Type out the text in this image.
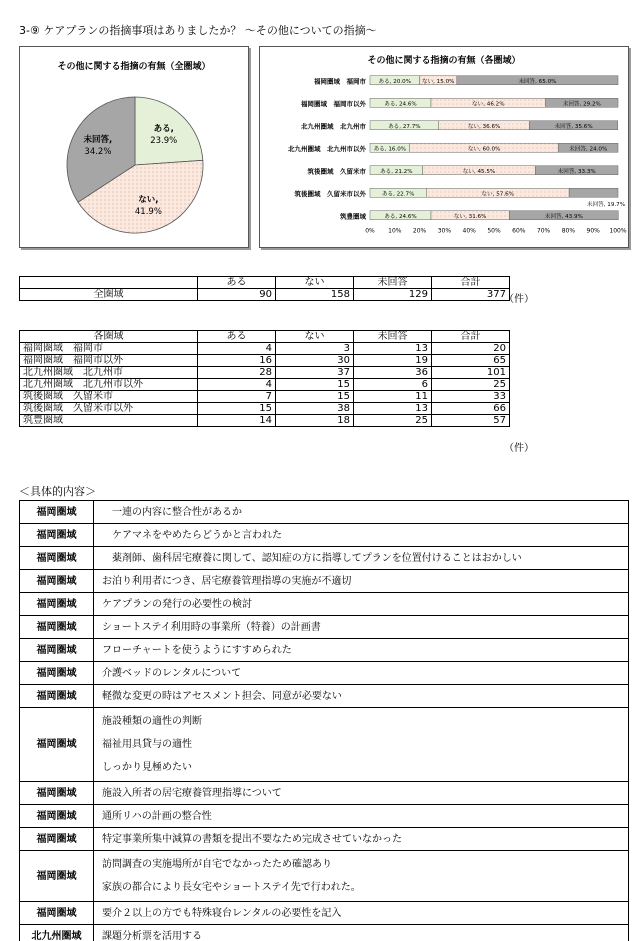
3-⑨ ケアプランの指摘事項はありましたか？ ～その他についての指摘～
その他に関する指摘の有無（全圏域）
ある,
23.9%
ない,
41.9%
未回答,
34.2%
その他に関する指摘の有無（各圏域）
福岡圏域　福岡市 ある, 20.0% ない, 15.0%	未回答, 65.0%
福岡圏域　福岡市以外	ある, 24.6%	ない, 46.2%	未回答, 29.2%
北九州圏域　北九州市	ある, 27.7%	ない, 36.6%	未回答, 35.6%
北九州圏域　北九州市以外 ある, 16.0%	ない, 60.0%	未回答, 24.0%
筑後圏域　久留米市	ある, 21.2%	ない, 45.5%	未回答, 33.3%
筑後圏域　久留米市以外	ある, 22.7%	ない, 57.6%
未回答, 19.7%
筑豊圏域	ある, 24.6%	ない, 31.6%	未回答, 43.9%
0% 10% 20% 30% 40% 50% 60% 70% 80% 90% 100%
	ある	ない	未回答	合計
全圏域	90	158	129	377
（件）
各圏域	ある	ない	未回答	合計
福岡圏域　福岡市	4	3	13	20
福岡圏域　福岡市以外	16	30	19	65
北九州圏域　北九州市	28	37	36	101
北九州圏域　北九州市以外	4	15	6	25
筑後圏域　久留米市	7	15	11	33
筑後圏域　久留米市以外	15	38	13	66
筑豊圏域	14	18	25	57
（件）
＜具体的内容＞
福岡圏域	　一連の内容に整合性があるか

福岡圏域	　ケアマネをやめたらどうかと言われた

福岡圏域	　薬剤師、歯科居宅療養に関して、認知症の方に指導してプランを位置付けることはおかしい

福岡圏域	お泊り利用者につき、居宅療養管理指導の実施が不適切

福岡圏域	ケアプランの発行の必要性の検討

福岡圏域	ショートステイ利用時の事業所（特養）の計画書

福岡圏域	フローチャートを使うようにすすめられた

福岡圏域	介護ベッドのレンタルについて

福岡圏域	軽微な変更の時はアセスメント担会、同意が必要ない

福岡圏域	施設種類の適性の判断

福祉用具貸与の適性

しっかり見極めたい

福岡圏域	施設入所者の居宅療養管理指導について

福岡圏域	通所リハの計画の整合性

福岡圏域	特定事業所集中減算の書類を提出不要なため完成させていなかった

福岡圏域	訪問調査の実施場所が自宅でなかったため確認あり

家族の都合により長女宅やショートステイ先で行われた。

福岡圏域	要介２以上の方でも特殊寝台レンタルの必要性を記入

北九州圏域	課題分析票を活用する
